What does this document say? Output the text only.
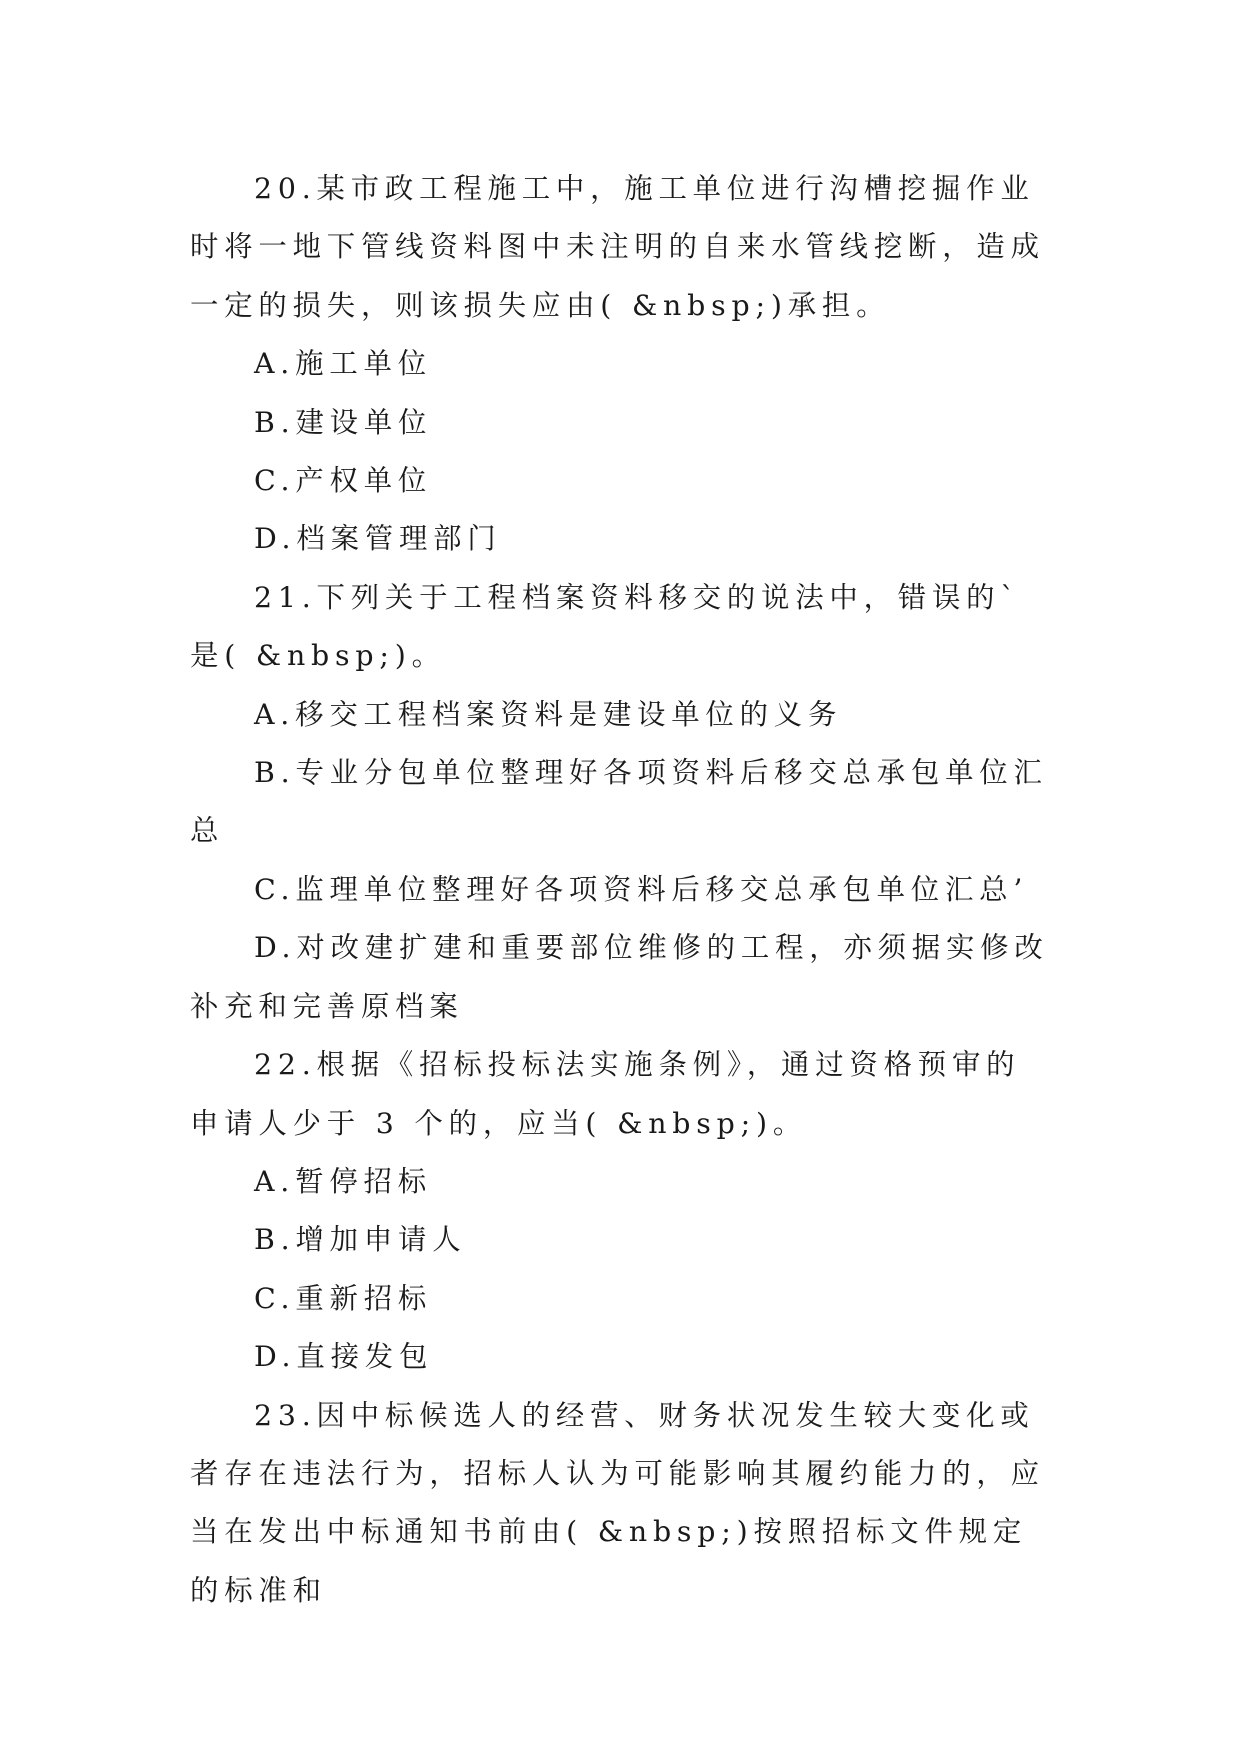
20.某市政工程施工中，施工单位进行沟槽挖掘作业时将一地下管线资料图中未注明的自来水管线挖断，造成一定的损失，则该损失应由( &nbsp;)承担。

A.施工单位

B.建设单位

C.产权单位

D.档案管理部门

21.下列关于工程档案资料移交的说法中，错误的`是( &nbsp;)。

A.移交工程档案资料是建设单位的义务

B.专业分包单位整理好各项资料后移交总承包单位汇总

C.监理单位整理好各项资料后移交总承包单位汇总’

D.对改建扩建和重要部位维修的工程，亦须据实修改补充和完善原档案

22.根据《招标投标法实施条例》，通过资格预审的申请人少于 3 个的，应当( &nbsp;)。

A.暂停招标

B.增加申请人

C.重新招标

D.直接发包

23.因中标候选人的经营、财务状况发生较大变化或者存在违法行为，招标人认为可能影响其履约能力的，应当在发出中标通知书前由( &nbsp;)按照招标文件规定的标准和
